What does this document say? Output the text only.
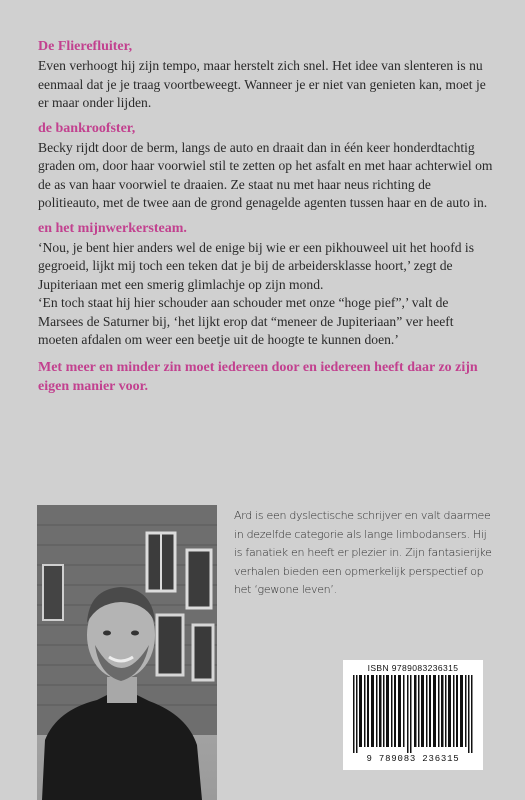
De Flierefluiter,

Even verhoogt hij zijn tempo, maar herstelt zich snel. Het idee van slenteren is nu eenmaal dat je je traag voortbeweegt. Wanneer je er niet van genieten kan, moet je er maar onder lijden.

de bankroofster,

Becky rijdt door de berm, langs de auto en draait dan in één keer honderdtachtig graden om, door haar voorwiel stil te zetten op het asfalt en met haar achterwiel om de as van haar voorwiel te draaien. Ze staat nu met haar neus richting de politieauto, met de twee aan de grond genagelde agenten tussen haar en de auto in.

en het mijnwerkersteam.

‘Nou, je bent hier anders wel de enige bij wie er een pikhouweel uit het hoofd is gegroeid, lijkt mij toch een teken dat je bij de arbeidersklasse hoort,’ zegt de Jupiteriaan met een smerig glimlachje op zijn mond.

‘En toch staat hij hier schouder aan schouder met onze “hoge pief”,’ valt de Marsees de Saturner bij, ‘het lijkt erop dat “meneer de Jupiteriaan” ver heeft moeten afdalen om weer een beetje uit de hoogte te kunnen doen.’

Met meer en minder zin moet iedereen door en iedereen heeft daar zo zijn eigen manier voor.

Ard is een dyslectische schrijver en valt daarmee in dezelfde categorie als lange limbodansers. Hij is fanatiek en heeft er plezier in. Zijn fantasierijke verhalen bieden een opmerkelijk perspectief op het ‘gewone leven’.
ISBN 9789083236315
9 789083 236315
